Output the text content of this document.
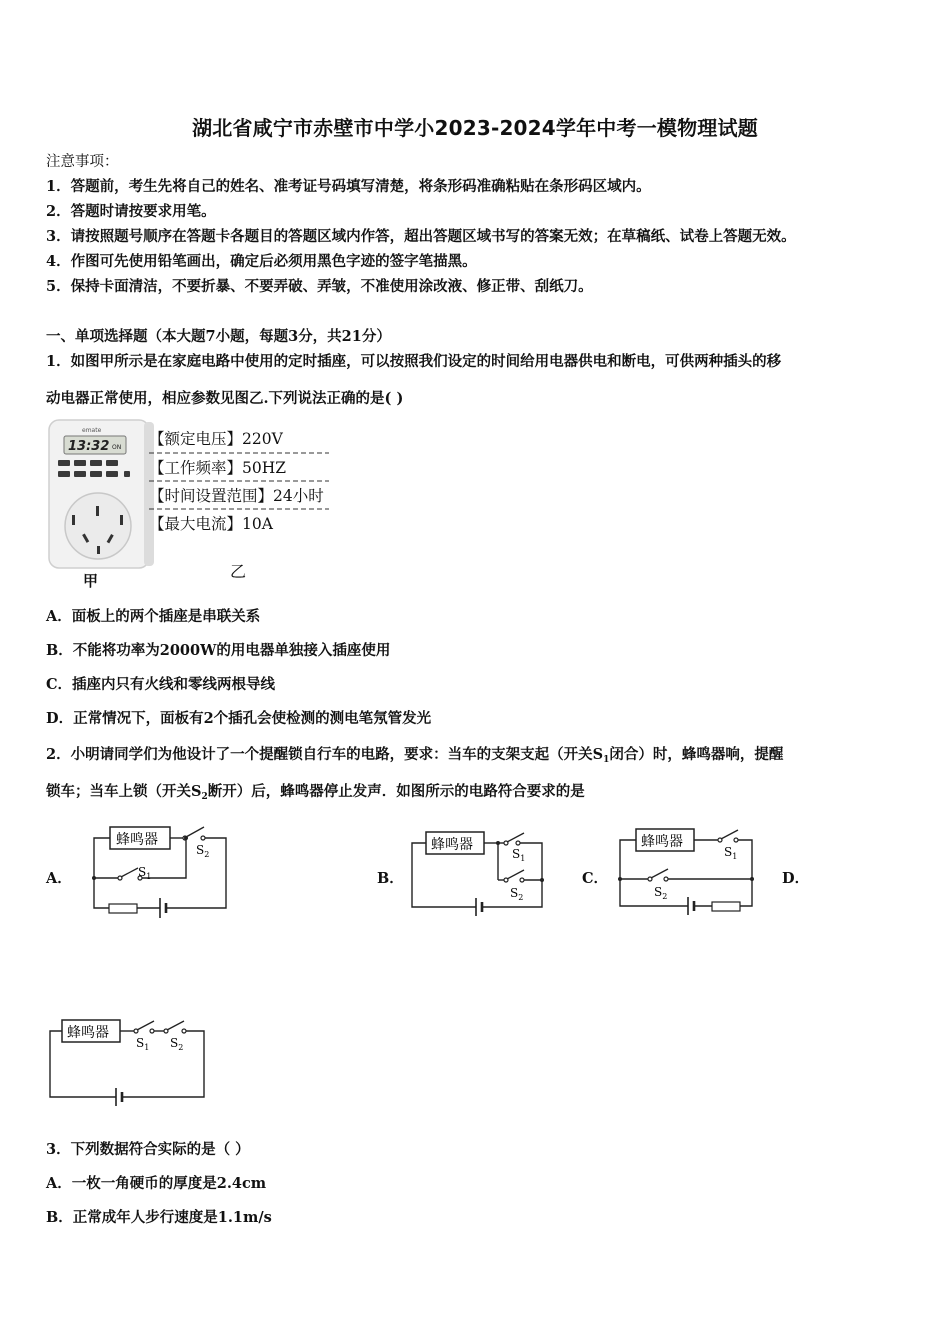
湖北省咸宁市赤壁市中学小2023-2024学年中考一模物理试题
注意事项：
1．答题前，考生先将自己的姓名、准考证号码填写清楚，将条形码准确粘贴在条形码区域内。
2．答题时请按要求用笔。
3．请按照题号顺序在答题卡各题目的答题区域内作答，超出答题区域书写的答案无效；在草稿纸、试卷上答题无效。
4．作图可先使用铅笔画出，确定后必须用黑色字迹的签字笔描黑。
5．保持卡面清洁，不要折暴、不要弄破、弄皱，不准使用涂改液、修正带、刮纸刀。
一、单项选择题（本大题7小题，每题3分，共21分）
1．如图甲所示是在家庭电路中使用的定时插座，可以按照我们设定的时间给用电器供电和断电，可供两种插头的移
动电器正常使用，相应参数见图乙.下列说法正确的是( )
emate
13:32 ON
甲
【额定电压】220V
【工作频率】50HZ
【时间设置范围】24小时
【最大电流】10A
乙
A．面板上的两个插座是串联关系
B．不能将功率为2000W的用电器单独接入插座使用
C．插座内只有火线和零线两根导线
D．正常情况下，面板有2个插孔会使检测的测电笔氖管发光
2．小明请同学们为他设计了一个提醒锁自行车的电路，要求：当车的支架支起（开关$S_1$闭合）时，蜂鸣器响，提醒
锁车；当车上锁（开关$S_2$断开）后，蜂鸣器停止发声．如图所示的电路符合要求的是
A．
蜂鸣器
$S_2$
$S_1$	B．
蜂鸣器
$S_1$
$S_2$
C．
蜂鸣器
$S_1$
$S_2$
D．
蜂鸣器
$S_1$ $S_2$
3．下列数据符合实际的是（ ）
A．一枚一角硬币的厚度是2.4cm
B．正常成年人步行速度是1.1m/s
